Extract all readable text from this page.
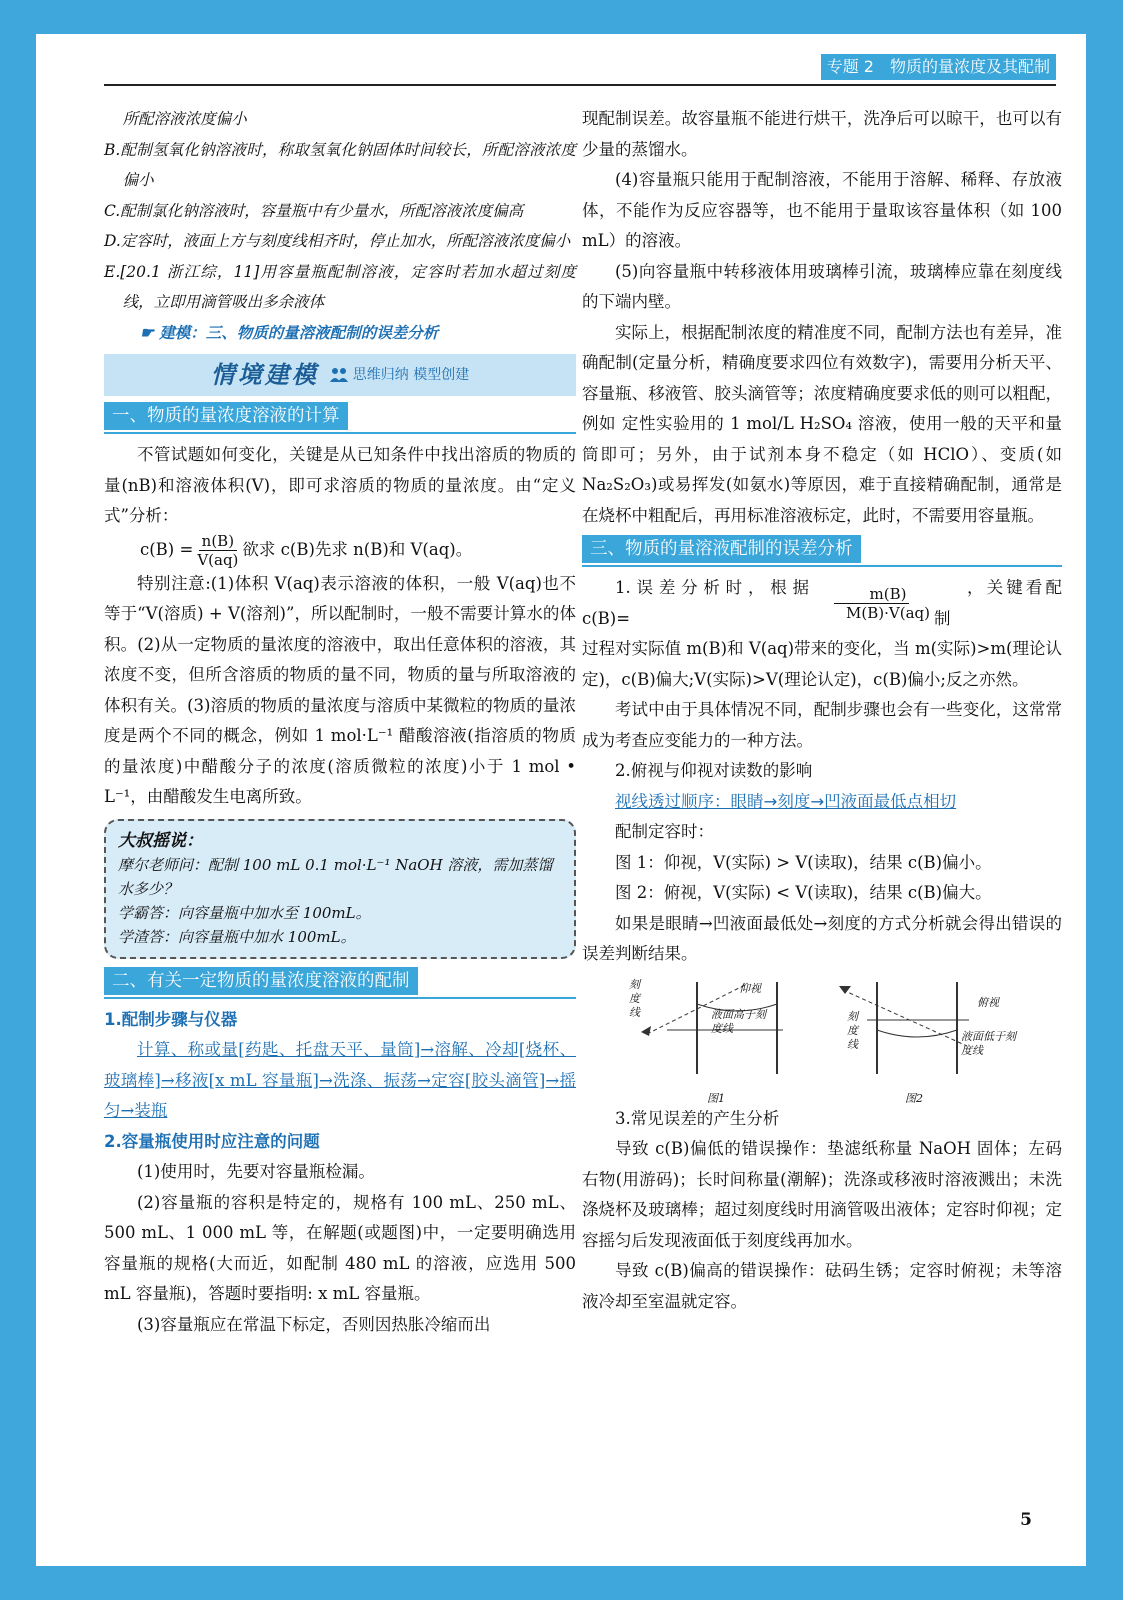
专题 2　物质的量浓度及其配制

所配溶液浓度偏小

B.配制氢氧化钠溶液时，称取氢氧化钠固体时间较长，所配溶液浓度偏小

C.配制氯化钠溶液时，容量瓶中有少量水，所配溶液浓度偏高

D.定容时，液面上方与刻度线相齐时，停止加水，所配溶液浓度偏小

E.[20.1 浙江综，11]用容量瓶配制溶液，定容时若加水超过刻度线，立即用滴管吸出多余液体

☛ 建模：三、物质的量溶液配制的误差分析

情境建模 思维归纳 模型创建
一、物质的量浓度溶液的计算

不管试题如何变化，关键是从已知条件中找出溶质的物质的量(nB)和溶液体积(V)，即可求溶质的物质的量浓度。由“定义式”分析：

$c(B) = \frac{n(B)}{V(aq)}$ 欲求 c(B)先求 n(B)和 V(aq)。

特别注意:(1)体积 V(aq)表示溶液的体积，一般 V(aq)也不等于“V(溶质) + V(溶剂)”，所以配制时，一般不需要计算水的体积。(2)从一定物质的量浓度的溶液中，取出任意体积的溶液，其浓度不变，但所含溶质的物质的量不同，物质的量与所取溶液的体积有关。(3)溶质的物质的量浓度与溶质中某微粒的物质的量浓度是两个不同的概念，例如 1 mol·L⁻¹ 醋酸溶液(指溶质的物质的量浓度)中醋酸分子的浓度(溶质微粒的浓度)小于 1 mol • L⁻¹，由醋酸发生电离所致。

大叔摇说：
摩尔老师问：配制 100 mL 0.1 mol·L⁻¹ NaOH 溶液，需加蒸馏水多少？
学霸答：向容量瓶中加水至 100mL。
学渣答：向容量瓶中加水 100mL。
二、有关一定物质的量浓度溶液的配制
1.配制步骤与仪器

计算、称或量[药匙、托盘天平、量筒]→溶解、冷却[烧杯、玻璃棒]→移液[x mL 容量瓶]→洗涤、振荡→定容[胶头滴管]→摇匀→装瓶

2.容量瓶使用时应注意的问题

(1)使用时，先要对容量瓶检漏。

(2)容量瓶的容积是特定的，规格有 100 mL、250 mL、500 mL、1 000 mL 等，在解题(或题图)中，一定要明确选用容量瓶的规格(大而近，如配制 480 mL 的溶液，应选用 500 mL 容量瓶)，答题时要指明: x mL 容量瓶。

(3)容量瓶应在常温下标定，否则因热胀冷缩而出

现配制误差。故容量瓶不能进行烘干，洗净后可以晾干，也可以有少量的蒸馏水。

(4)容量瓶只能用于配制溶液，不能用于溶解、稀释、存放液体，不能作为反应容器等，也不能用于量取该容量体积（如 100 mL）的溶液。

(5)向容量瓶中转移液体用玻璃棒引流，玻璃棒应靠在刻度线的下端内壁。

实际上，根据配制浓度的精准度不同，配制方法也有差异，准确配制(定量分析，精确度要求四位有效数字)，需要用分析天平、容量瓶、移液管、胶头滴管等；浓度精确度要求低的则可以粗配，例如 定性实验用的 1 mol/L H₂SO₄ 溶液，使用一般的天平和量筒即可；另外，由于试剂本身不稳定（如 HClO）、变质(如 Na₂S₂O₃)或易挥发(如氨水)等原因，难于直接精确配制，通常是在烧杯中粗配后，再用标准溶液标定，此时，不需要用容量瓶。

三、物质的量溶液配制的误差分析

1.误差分析时，根据 c(B)=	$\frac{m(B)}{M(B)\cdot V(aq)}$	，关键看配制

过程对实际值 m(B)和 V(aq)带来的变化，当 m(实际)>m(理论认定)，c(B)偏大;V(实际)>V(理论认定)，c(B)偏小;反之亦然。

考试中由于具体情况不同，配制步骤也会有一些变化，这常常成为考查应变能力的一种方法。

2.俯视与仰视对读数的影响

视线透过顺序：眼睛→刻度→凹液面最低点相切

配制定容时：

图 1：仰视，V(实际) > V(读取)，结果 c(B)偏小。

图 2：俯视，V(实际) < V(读取)，结果 c(B)偏大。

如果是眼睛→凹液面最低处→刻度的方式分析就会得出错误的误差判断结果。

刻度线
仰视
液面高于刻度线
图1
刻度线
俯视
液面低于刻度线
图2

3.常见误差的产生分析

导致 c(B)偏低的错误操作：垫滤纸称量 NaOH 固体；左码右物(用游码)；长时间称量(潮解)；洗涤或移液时溶液溅出；未洗涤烧杯及玻璃棒；超过刻度线时用滴管吸出液体；定容时仰视；定容摇匀后发现液面低于刻度线再加水。

导致 c(B)偏高的错误操作：砝码生锈；定容时俯视；未等溶液冷却至室温就定容。

5
